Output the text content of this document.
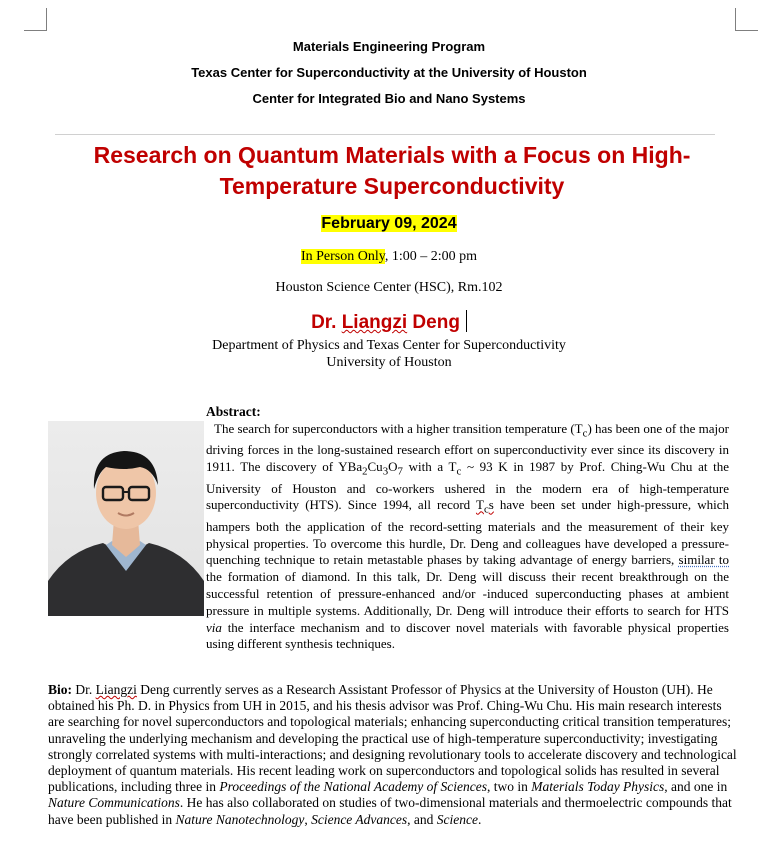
Materials Engineering Program
Texas Center for Superconductivity at the University of Houston
Center for Integrated Bio and Nano Systems
Research on Quantum Materials with a Focus on High-Temperature Superconductivity
February 09, 2024
In Person Only, 1:00 – 2:00 pm
Houston Science Center (HSC), Rm.102
Dr. Liangzi Deng
Department of Physics and Texas Center for Superconductivity
University of Houston
Abstract:

The search for superconductors with a higher transition temperature $(T_c)$ has been one of the major driving forces in the long-sustained research effort on superconductivity ever since its discovery in 1911. The discovery of $YBa_2Cu_3O_7$ with a $T_c$ ~ 93 K in 1987 by Prof. Ching-Wu Chu at the University of Houston and co-workers ushered in the modern era of high-temperature superconductivity (HTS). Since 1994, all record $T_cs$ have been set under high-pressure, which hampers both the application of the record-setting materials and the measurement of their key physical properties. To overcome this hurdle, Dr. Deng and colleagues have developed a pressure-quenching technique to retain metastable phases by taking advantage of energy barriers, similar to the formation of diamond. In this talk, Dr. Deng will discuss their recent breakthrough on the successful retention of pressure-enhanced and/or -induced superconducting phases at ambient pressure in multiple systems. Additionally, Dr. Deng will introduce their efforts to search for HTS via the interface mechanism and to discover novel materials with favorable physical properties using different synthesis techniques.

Bio: Dr. Liangzi Deng currently serves as a Research Assistant Professor of Physics at the University of Houston (UH). He obtained his Ph. D. in Physics from UH in 2015, and his thesis advisor was Prof. Ching-Wu Chu. His main research interests are searching for novel superconductors and topological materials; enhancing superconducting critical transition temperatures; unraveling the underlying mechanism and developing the practical use of high-temperature superconductivity; investigating strongly correlated systems with multi-interactions; and designing revolutionary tools to accelerate discovery and technological deployment of quantum materials. His recent leading work on superconductors and topological solids has resulted in several publications, including three in Proceedings of the National Academy of Sciences, two in Materials Today Physics, and one in Nature Communications. He has also collaborated on studies of two-dimensional materials and thermoelectric compounds that have been published in Nature Nanotechnology, Science Advances, and Science.
